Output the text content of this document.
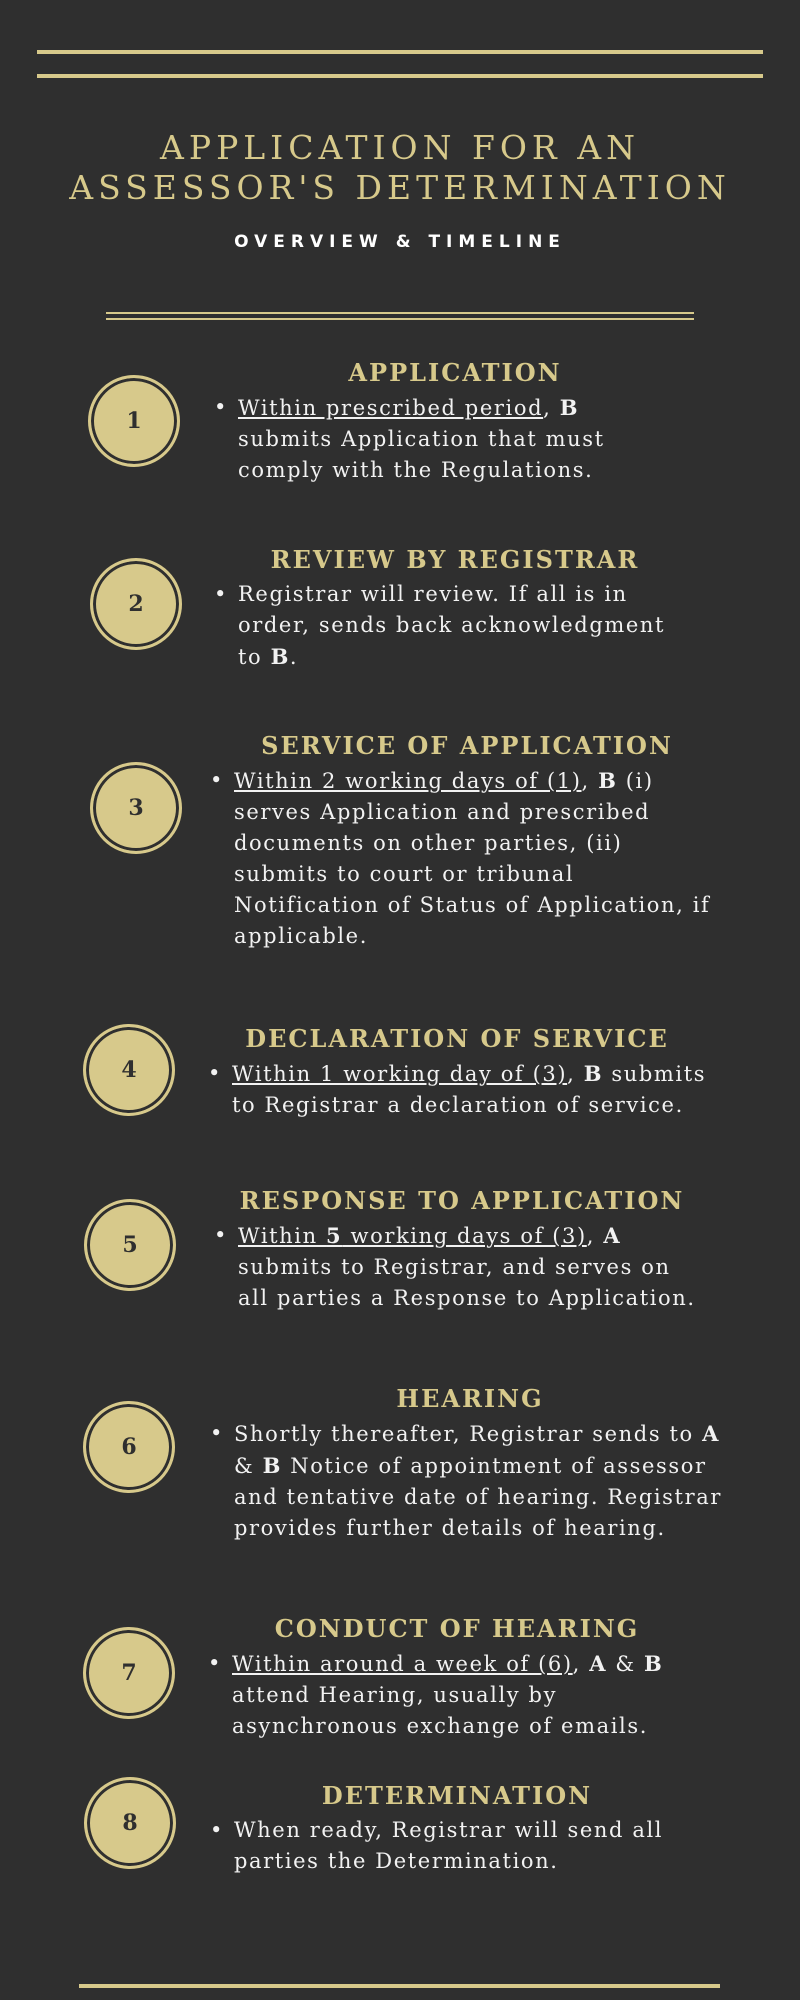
APPLICATION FOR AN
ASSESSOR'S DETERMINATION
OVERVIEW & TIMELINE
1
APPLICATION
• Within prescribed period, B submits Application that must comply with the Regulations.
2
REVIEW BY REGISTRAR
• Registrar will review. If all is in order, sends back acknowledgment to B.
3
SERVICE OF APPLICATION
• Within 2 working days of (1), B (i) serves Application and prescribed documents on other parties, (ii) submits to court or tribunal Notification of Status of Application, if applicable.
4
DECLARATION OF SERVICE
• Within 1 working day of (3), B submits to Registrar a declaration of service.
5
RESPONSE TO APPLICATION
• Within 5 working days of (3), A submits to Registrar, and serves on all parties a Response to Application.
6
HEARING
• Shortly thereafter, Registrar sends to A & B Notice of appointment of assessor and tentative date of hearing. Registrar provides further details of hearing.
7
CONDUCT OF HEARING
• Within around a week of (6), A & B attend Hearing, usually by asynchronous exchange of emails.
8
DETERMINATION
• When ready, Registrar will send all parties the Determination.
